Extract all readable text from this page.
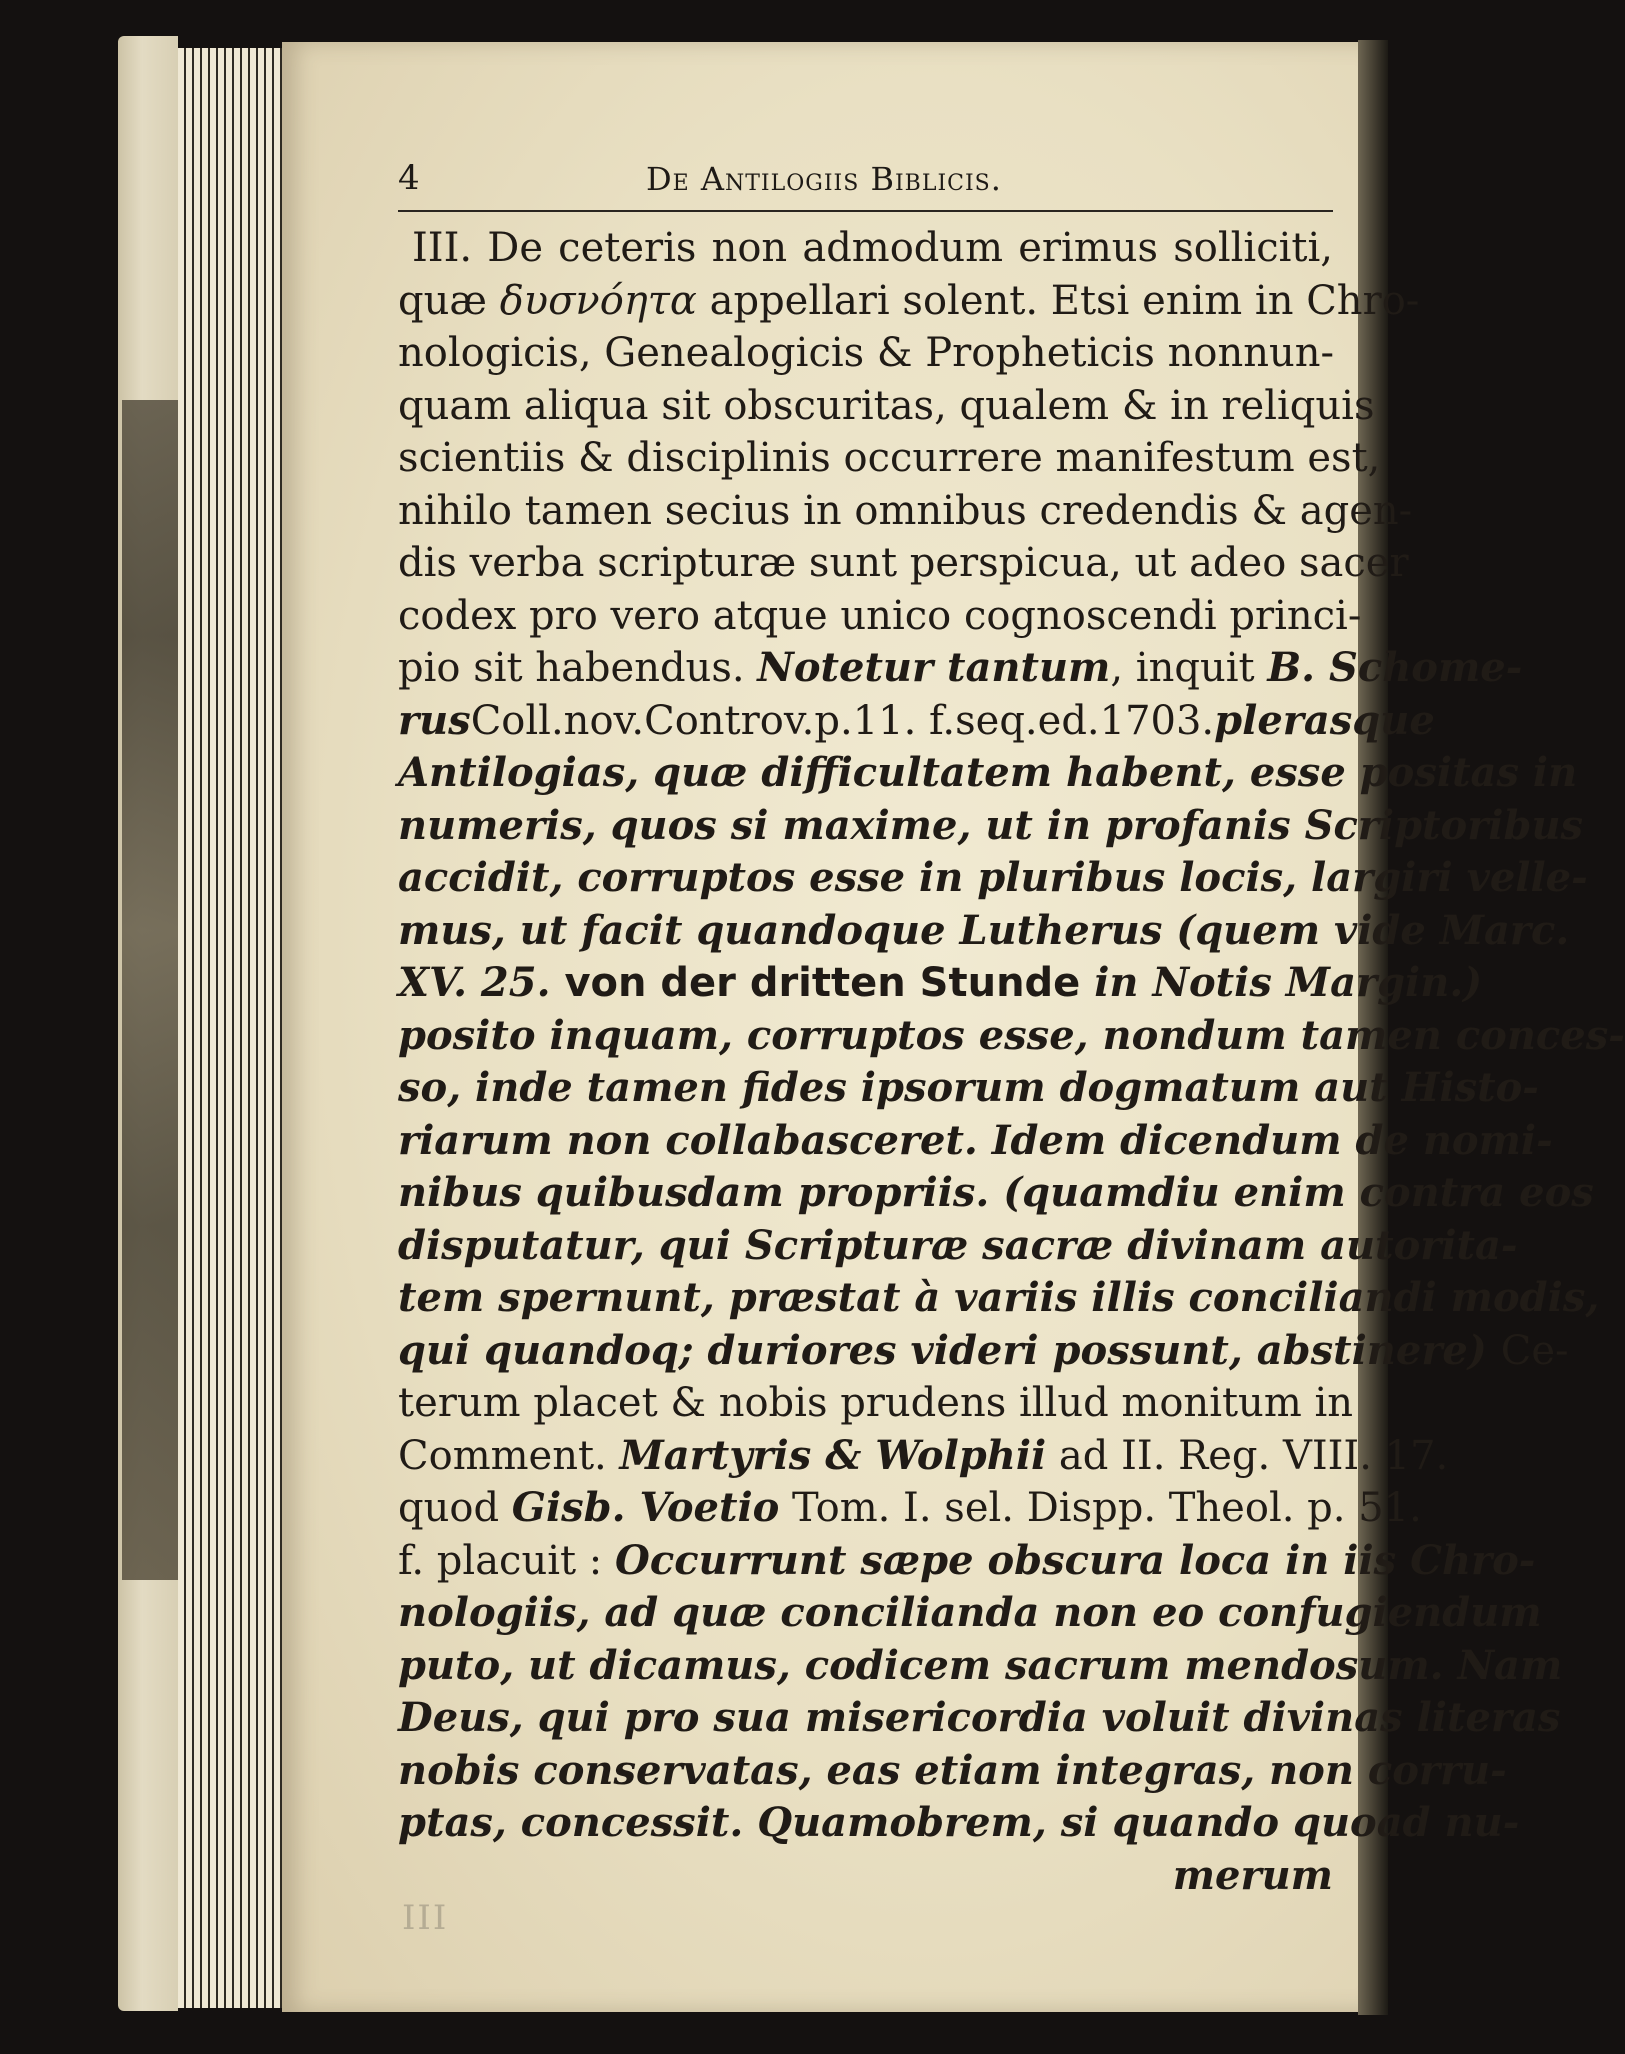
4	De Antilogiis Biblicis.
III. De ceteris non admodum erimus solliciti,
quæ δυσνόητα appellari solent. Etsi enim in Chro-
nologicis, Genealogicis & Propheticis nonnun-
quam aliqua sit obscuritas, qualem & in reliquis
scientiis & disciplinis occurrere manifestum est,
nihilo tamen secius in omnibus credendis & agen-
dis verba scripturæ sunt perspicua, ut adeo sacer
codex pro vero atque unico cognoscendi princi-
pio sit habendus. Notetur tantum, inquit B. Schome-
rusColl.nov.Controv.p.11. f.seq.ed.1703.plerasque
Antilogias, quæ difficultatem habent, esse positas in
numeris, quos si maxime, ut in profanis Scriptoribus
accidit, corruptos esse in pluribus locis, largiri velle-
mus, ut facit quandoque Lutherus (quem vide Marc.
XV. 25. von der dritten Stunde in Notis Margin.)
posito inquam, corruptos esse, nondum tamen conces-
so, inde tamen fides ipsorum dogmatum aut Histo-
riarum non collabasceret. Idem dicendum de nomi-
nibus quibusdam propriis. (quamdiu enim contra eos
disputatur, qui Scripturæ sacræ divinam autorita-
tem spernunt, præstat à variis illis conciliandi modis,
qui quandoq; duriores videri possunt, abstinere) Ce-
terum placet & nobis prudens illud monitum in
Comment. Martyris & Wolphii ad II. Reg. VIII. 17.
quod Gisb. Voetio Tom. I. sel. Dispp. Theol. p. 51.
f. placuit : Occurrunt sæpe obscura loca in iis Chro-
nologiis, ad quæ concilianda non eo confugiendum
puto, ut dicamus, codicem sacrum mendosum. Nam
Deus, qui pro sua misericordia voluit divinas literas
nobis conservatas, eas etiam integras, non corru-
ptas, concessit. Quamobrem, si quando quoad nu-
merum
III
